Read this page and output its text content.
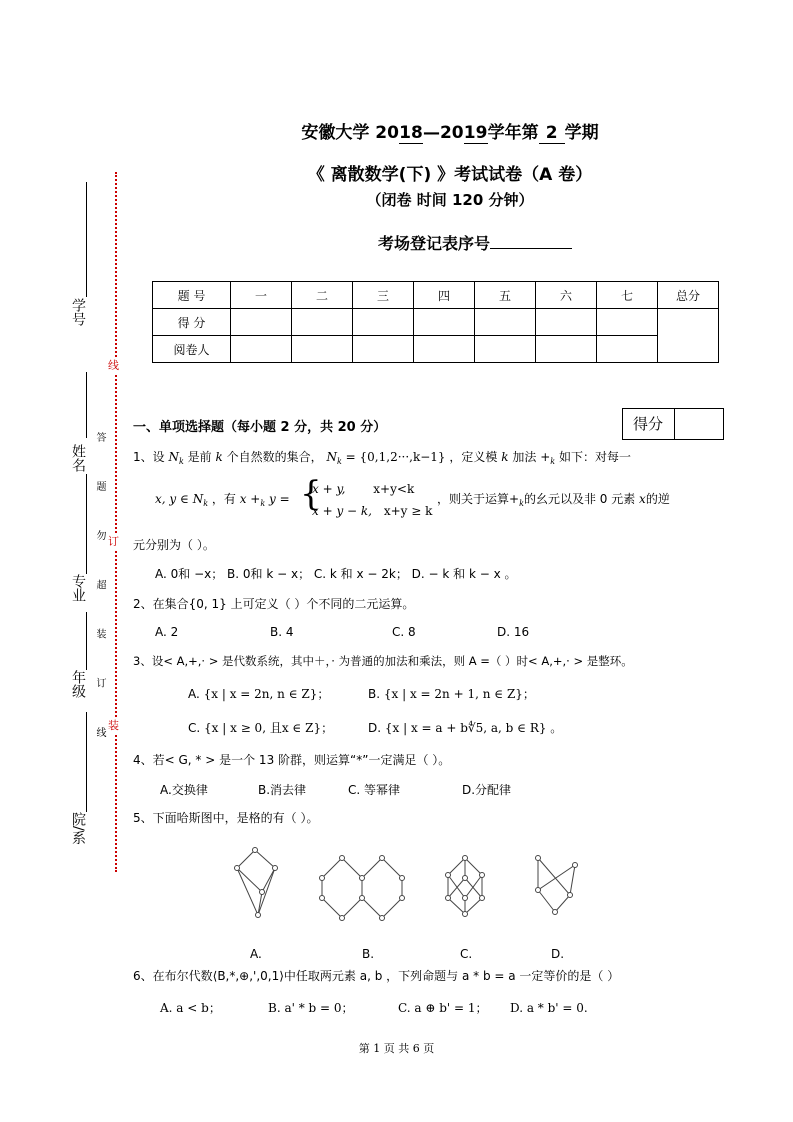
线
订
装
答 题 勿 超 装 订 线
学号
姓名
专业
年级
院/系
安徽大学 2018—2019学年第 2 学期
《 离散数学(下) 》考试试卷（A 卷）
（闭卷 时间 120 分钟）
考场登记表序号
题 号	一	二	三	四	五	六	七	总分
得 分								
阅卷人								
一、单项选择题（每小题 2 分，共 20 分）	得分
1、设 $N_k$ 是前 k 个自然数的集合， $N_k = \{0,1,2\cdot\cdot\cdot,k-1\}$ ，定义模 k 加法 $+_k$ 如下：对每一
x, y ∈ $N_k$ ，有 $x +_k$ y = {
x + y, x+y<k
x + y − k, x+y ≥ k
，则关于运算$+_k$的幺元以及非 0 元素 x的逆
元分别为（ ）。
A. 0和 −x； B. 0和 k − x； C. k 和 x − 2k； D. − k 和 k − x 。
2、在集合{0, 1} 上可定义（ ）个不同的二元运算。
A. 2	B. 4	C. 8	D. 16
3、设< A,+,· > 是代数系统，其中＋，· 为普通的加法和乘法，则 A =（ ）时< A,+,· > 是整环。
A. {x | x = 2n, n ∈ Z}；	B. {x | x = 2n + 1, n ∈ Z}；
C. {x | x ≥ 0, 且x ∈ Z}；	D. {x | x = a + b∜5, a, b ∈ R} 。
4、若< G, * > 是一个 13 阶群，则运算“*”一定满足（ ）。
A.交换律	B.消去律	C. 等幂律	D.分配律
5、下面哈斯图中，是格的有（ ）。
A.	B.	C.	D.
6、在布尔代数⟨B,*,⊕,',0,1⟩中任取两元素 a, b ，下列命题与 a * b = a 一定等价的是（ ）
A. a < b；	B. a' * b = 0；	C. a ⊕ b' = 1； D. a * b' = 0.
第 1 页 共 6 页
